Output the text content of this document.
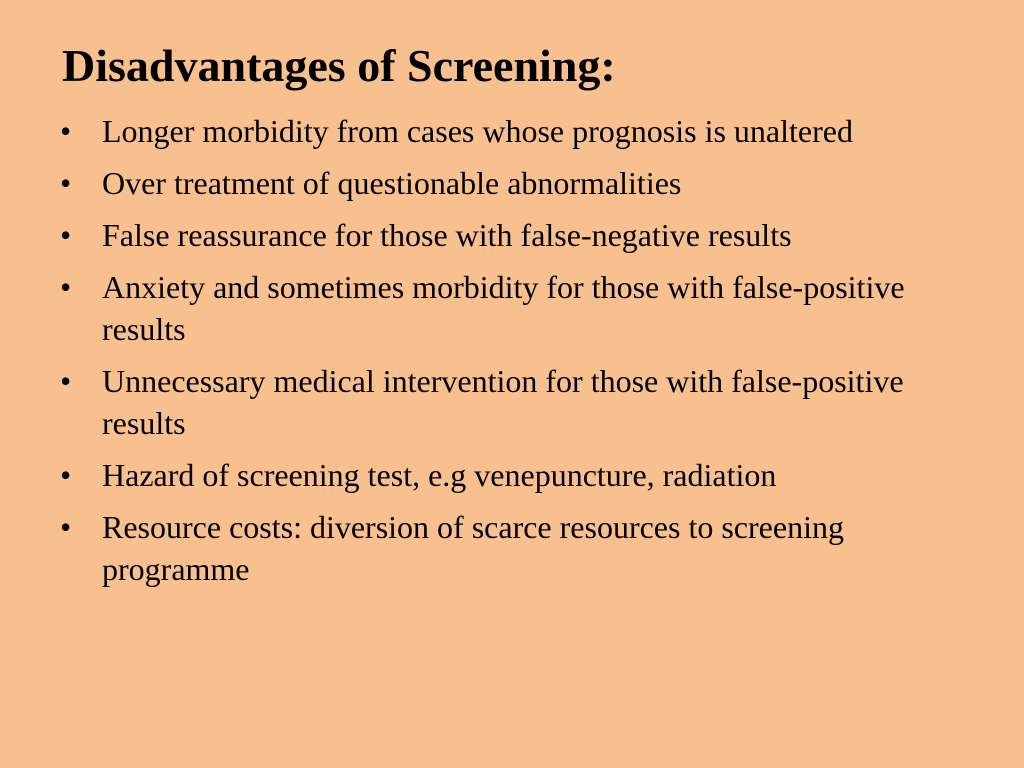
Disadvantages of Screening:
• Longer morbidity from cases whose prognosis is unaltered
• Over treatment of questionable abnormalities
• False reassurance for those with false-negative results
• Anxiety and sometimes morbidity for those with false-positive results
• Unnecessary medical intervention for those with false-positive results
• Hazard of screening test, e.g venepuncture, radiation
• Resource costs: diversion of scarce resources to screening programme
